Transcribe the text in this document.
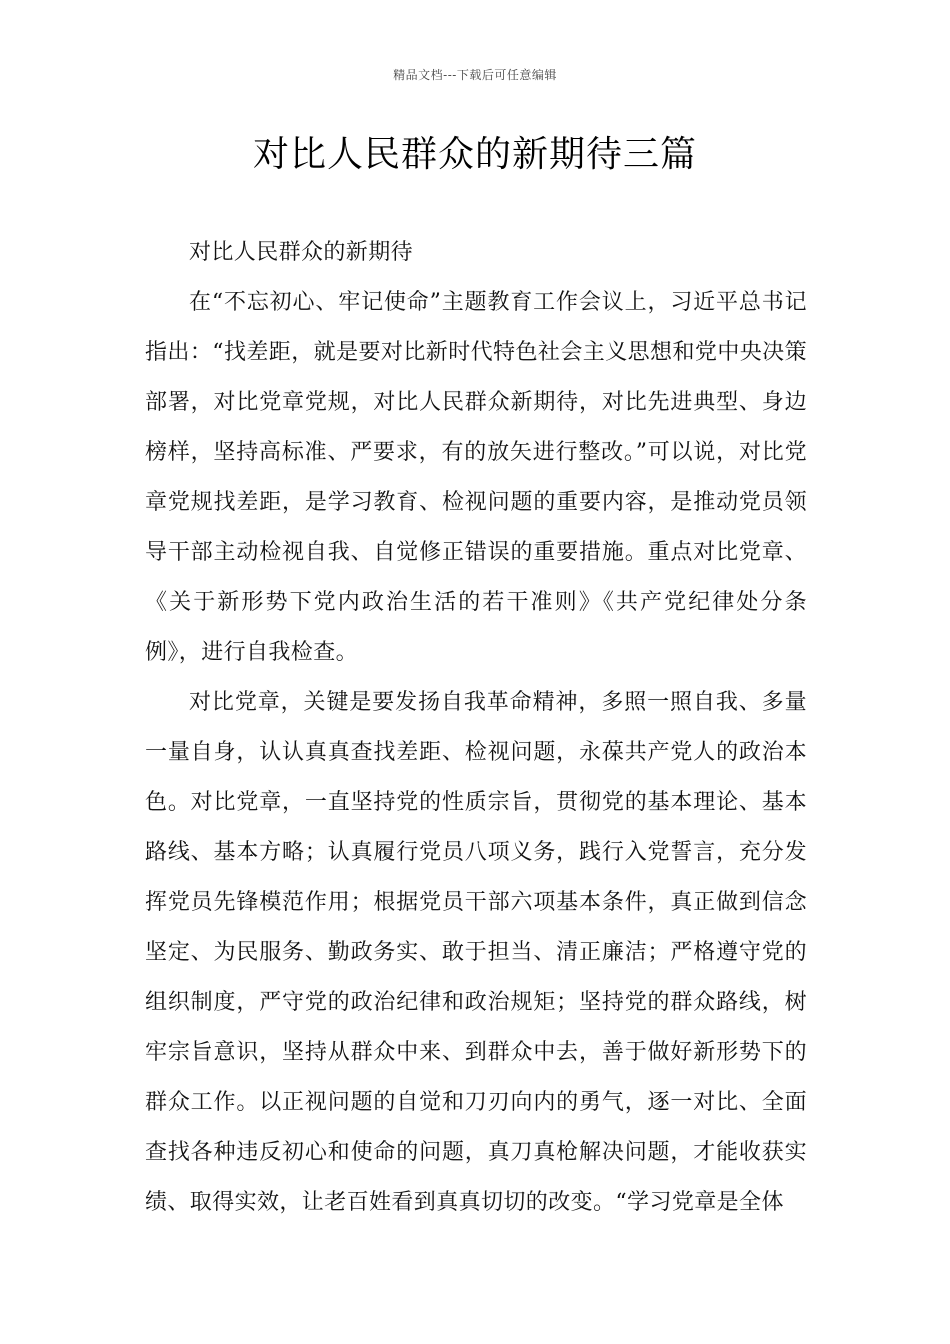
精品文档---下载后可任意编辑
对比人民群众的新期待三篇

对比人民群众的新期待

在“不忘初心、牢记使命”主题教育工作会议上，习近平总书记指出：“找差距，就是要对比新时代特色社会主义思想和党中央决策部署，对比党章党规，对比人民群众新期待，对比先进典型、身边榜样，坚持高标准、严要求，有的放矢进行整改。”可以说，对比党章党规找差距，是学习教育、检视问题的重要内容，是推动党员领导干部主动检视自我、自觉修正错误的重要措施。重点对比党章、《关于新形势下党内政治生活的若干准则》《共产党纪律处分条例》，进行自我检查。

对比党章，关键是要发扬自我革命精神，多照一照自我、多量一量自身，认认真真查找差距、检视问题，永葆共产党人的政治本色。对比党章，一直坚持党的性质宗旨，贯彻党的基本理论、基本路线、基本方略；认真履行党员八项义务，践行入党誓言，充分发挥党员先锋模范作用；根据党员干部六项基本条件，真正做到信念坚定、为民服务、勤政务实、敢于担当、清正廉洁；严格遵守党的组织制度，严守党的政治纪律和政治规矩；坚持党的群众路线，树牢宗旨意识，坚持从群众中来、到群众中去，善于做好新形势下的群众工作。以正视问题的自觉和刀刃向内的勇气，逐一对比、全面查找各种违反初心和使命的问题，真刀真枪解决问题，才能收获实绩、取得实效，让老百姓看到真真切切的改变。“学习党章是全体
